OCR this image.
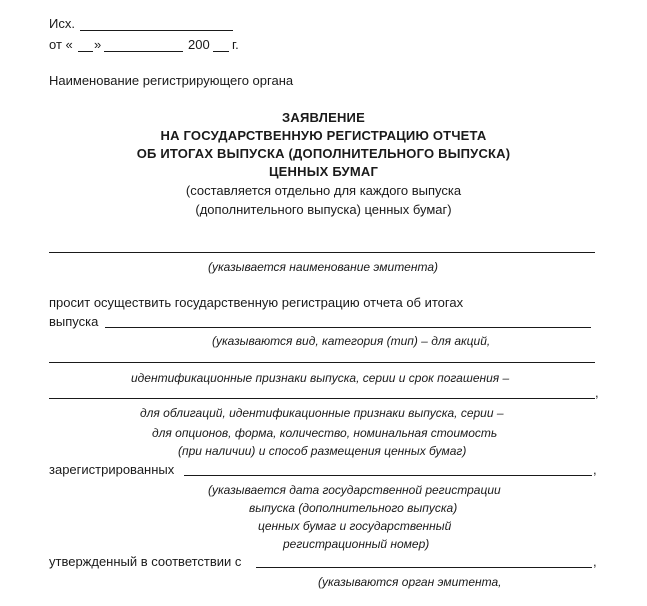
Исх.
от « »	200 г.
Наименование регистрирующего органа
ЗАЯВЛЕНИЕ
НА ГОСУДАРСТВЕННУЮ РЕГИСТРАЦИЮ ОТЧЕТА
ОБ ИТОГАХ ВЫПУСКА (ДОПОЛНИТЕЛЬНОГО ВЫПУСКА)
ЦЕННЫХ БУМАГ
(составляется отдельно для каждого выпуска
(дополнительного выпуска) ценных бумаг)
(указывается наименование эмитента)
просит осуществить государственную регистрацию отчета об итогах
выпуска
(указываются вид, категория (тип) – для акций,
идентификационные признаки выпуска, серии и срок погашения –
,
для облигаций, идентификационные признаки выпуска, серии –
для опционов, форма, количество, номинальная стоимость
(при наличии) и способ размещения ценных бумаг)
зарегистрированных	,
(указывается дата государственной регистрации
выпуска (дополнительного выпуска)
ценных бумаг и государственный
регистрационный номер)
утвержденный в соответствии с	,
(указываются орган эмитента,
